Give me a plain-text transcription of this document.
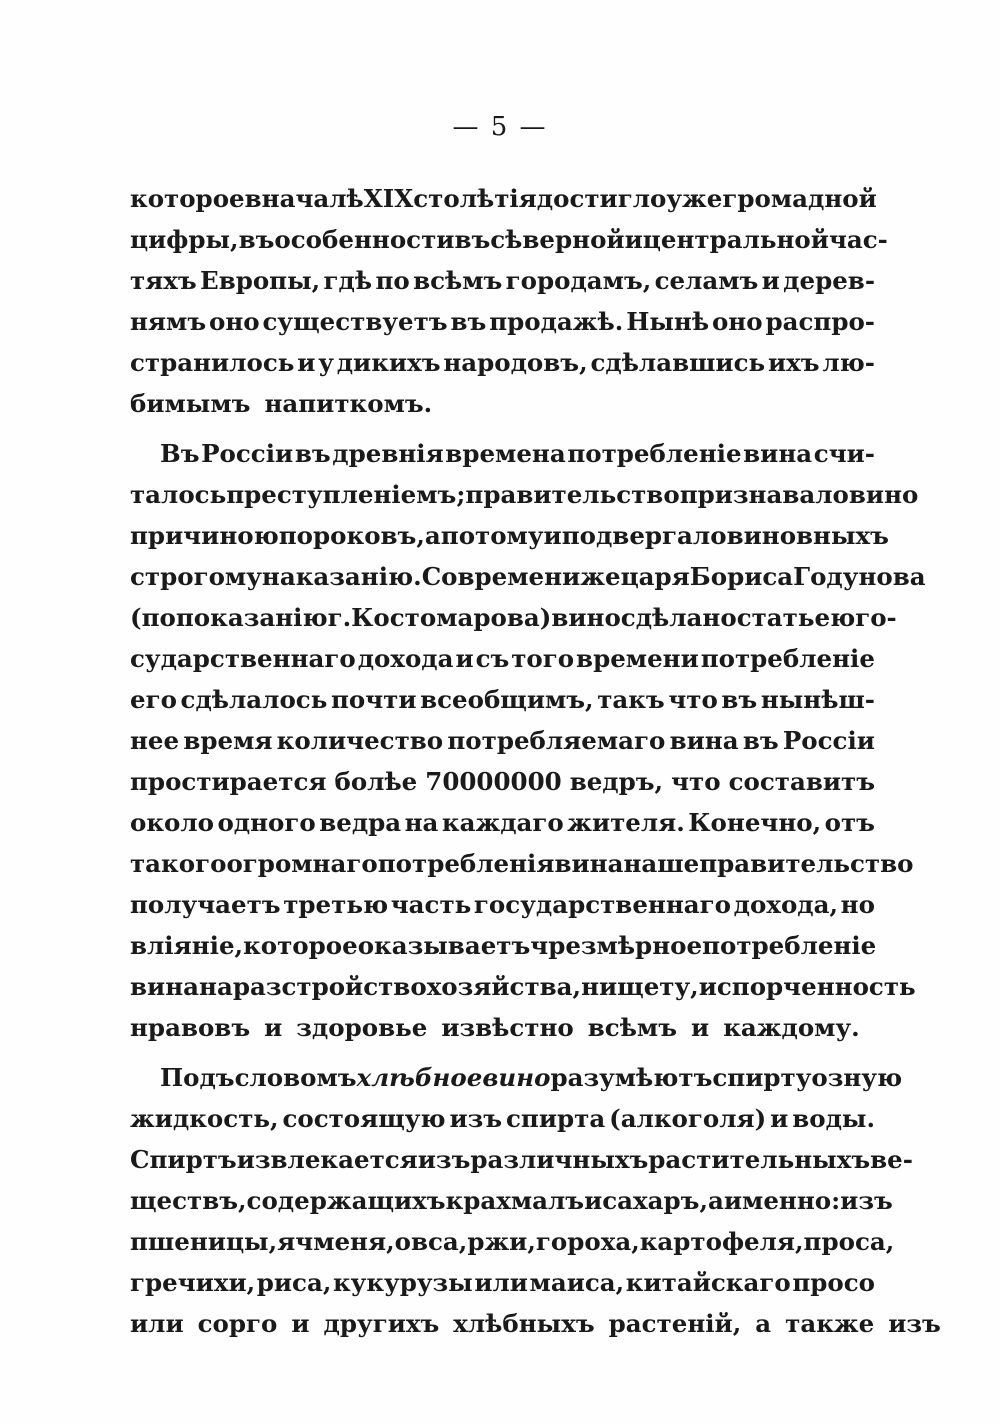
— 5 —
которое вначалѣ XIX столѣтія достигло уже громадной
цифры, въ особенности въ сѣверной и центральной час-
тяхъ Европы, гдѣ по всѣмъ городамъ, селамъ и дерев-
нямъ оно существуетъ въ продажѣ. Нынѣ оно распро-
странилось и у дикихъ народовъ, сдѣлавшись ихъ лю-
бимымъ напиткомъ.
Въ Россіи въ древнія времена потребленіе вина счи-
талось преступленіемъ; правительство признавало вино
причиною пороковъ, а потому и подвергало виновныхъ
строгому наказанію. Со времени же царя Бориса Годунова
(по показанію г. Костомарова) вино сдѣлано статьею го-
сударственнаго дохода и съ того времени потребленіе
его сдѣлалось почти всеобщимъ, такъ что въ нынѣш-
нее время количество потребляемаго вина въ Россіи
простирается болѣе 70000000 ведръ, что составитъ
около одного ведра на каждаго жителя. Конечно, отъ
такого огромнаго потребленія вина наше правительство
получаетъ третью часть государственнаго дохода, но
вліяніе, которое оказываетъ чрезмѣрное потребленіе
вина на разстройство хозяйства, нищету, испорченность
нравовъ и здоровье извѣстно всѣмъ и каждому.
Подъ словомъ хлѣбное вино разумѣютъ спиртуозную
жидкость, состоящую изъ спирта (алкоголя) и воды.
Спиртъ извлекается изъ различныхъ растительныхъ ве-
ществъ, содержащихъ крахмалъ и сахаръ, а именно: изъ
пшеницы, ячменя, овса, ржи, гороха, картофеля, проса,
гречихи, риса, кукурузы или маиса, китайскаго просо
или сорго и другихъ хлѣбныхъ растеній, а также изъ
